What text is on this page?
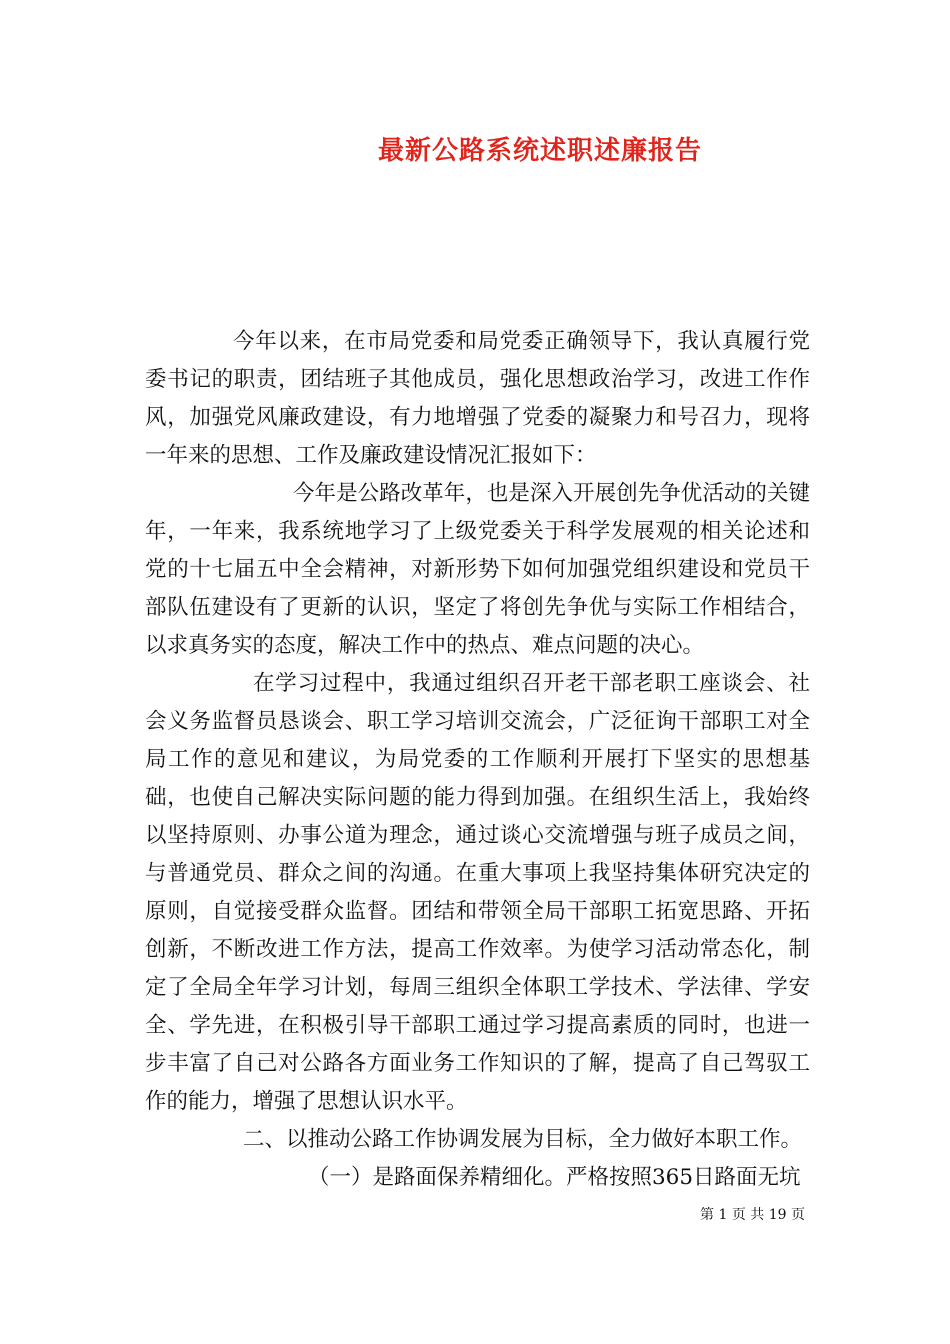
最新公路系统述职述廉报告

今年以来，在市局党委和局党委正确领导下，我认真履行党委书记的职责，团结班子其他成员，强化思想政治学习，改进工作作风，加强党风廉政建设，有力地增强了党委的凝聚力和号召力，现将一年来的思想、工作及廉政建设情况汇报如下：

今年是公路改革年，也是深入开展创先争优活动的关键年，一年来，我系统地学习了上级党委关于科学发展观的相关论述和党的十七届五中全会精神，对新形势下如何加强党组织建设和党员干部队伍建设有了更新的认识，坚定了将创先争优与实际工作相结合，以求真务实的态度，解决工作中的热点、难点问题的决心。

在学习过程中，我通过组织召开老干部老职工座谈会、社会义务监督员恳谈会、职工学习培训交流会，广泛征询干部职工对全局工作的意见和建议，为局党委的工作顺利开展打下坚实的思想基础，也使自己解决实际问题的能力得到加强。在组织生活上，我始终以坚持原则、办事公道为理念，通过谈心交流增强与班子成员之间，与普通党员、群众之间的沟通。在重大事项上我坚持集体研究决定的原则，自觉接受群众监督。团结和带领全局干部职工拓宽思路、开拓创新，不断改进工作方法，提高工作效率。为使学习活动常态化，制定了全局全年学习计划，每周三组织全体职工学技术、学法律、学安全、学先进，在积极引导干部职工通过学习提高素质的同时，也进一步丰富了自己对公路各方面业务工作知识的了解，提高了自己驾驭工作的能力，增强了思想认识水平。

二、以推动公路工作协调发展为目标，全力做好本职工作。

（一）是路面保养精细化。严格按照365日路面无坑

第 1 页 共 19 页
